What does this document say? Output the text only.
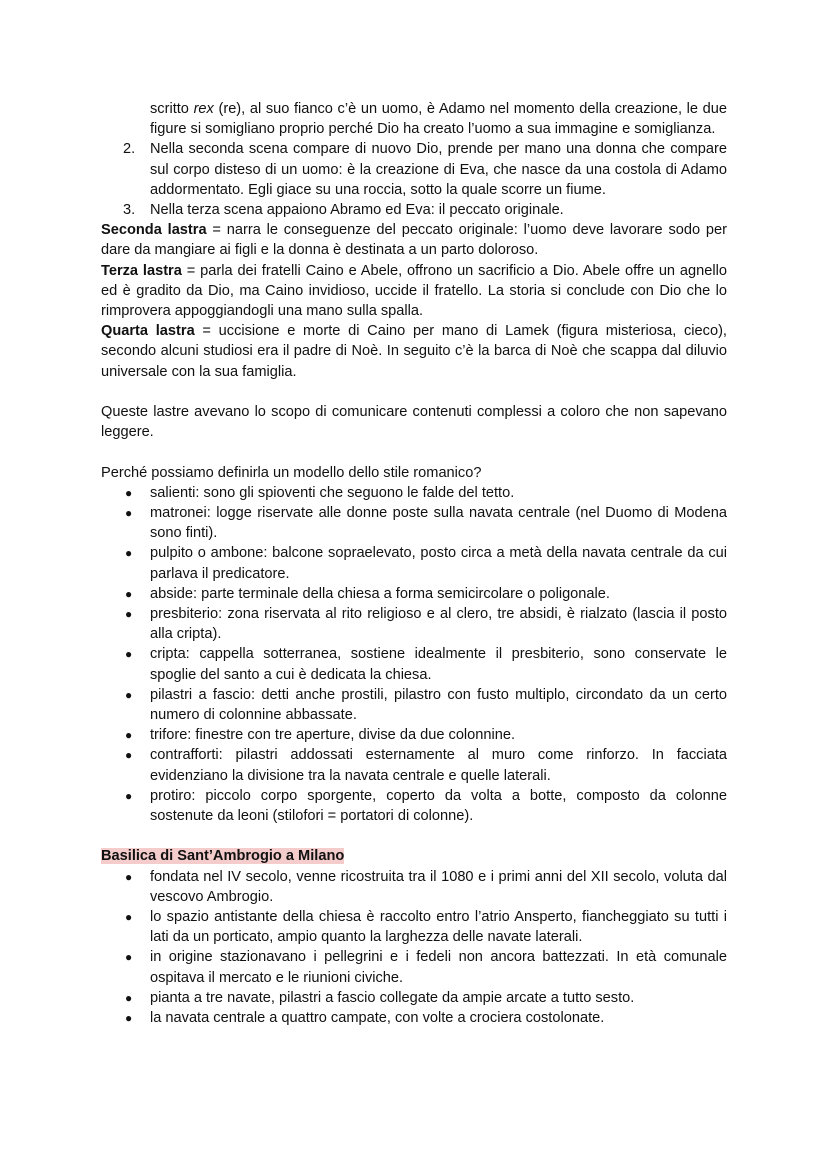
scritto rex (re), al suo fianco c’è un uomo, è Adamo nel momento della creazione, le due figure si somigliano proprio perché Dio ha creato l’uomo a sua immagine e somiglianza.
2. Nella seconda scena compare di nuovo Dio, prende per mano una donna che compare sul corpo disteso di un uomo: è la creazione di Eva, che nasce da una costola di Adamo addormentato. Egli giace su una roccia, sotto la quale scorre un fiume.
3. Nella terza scena appaiono Abramo ed Eva: il peccato originale.

Seconda lastra = narra le conseguenze del peccato originale: l’uomo deve lavorare sodo per dare da mangiare ai figli e la donna è destinata a un parto doloroso.

Terza lastra = parla dei fratelli Caino e Abele, offrono un sacrificio a Dio. Abele offre un agnello ed è gradito da Dio, ma Caino invidioso, uccide il fratello. La storia si conclude con Dio che lo rimprovera appoggiandogli una mano sulla spalla.

Quarta lastra = uccisione e morte di Caino per mano di Lamek (figura misteriosa, cieco), secondo alcuni studiosi era il padre di Noè. In seguito c’è la barca di Noè che scappa dal diluvio universale con la sua famiglia.

Queste lastre avevano lo scopo di comunicare contenuti complessi a coloro che non sapevano leggere.

Perché possiamo definirla un modello dello stile romanico?

● salienti: sono gli spioventi che seguono le falde del tetto.
● matronei: logge riservate alle donne poste sulla navata centrale (nel Duomo di Modena sono finti).
● pulpito o ambone: balcone sopraelevato, posto circa a metà della navata centrale da cui parlava il predicatore.
● abside: parte terminale della chiesa a forma semicircolare o poligonale.
● presbiterio: zona riservata al rito religioso e al clero, tre absidi, è rialzato (lascia il posto alla cripta).
● cripta: cappella sotterranea, sostiene idealmente il presbiterio, sono conservate le spoglie del santo a cui è dedicata la chiesa.
● pilastri a fascio: detti anche prostili, pilastro con fusto multiplo, circondato da un certo numero di colonnine abbassate.
● trifore: finestre con tre aperture, divise da due colonnine.
● contrafforti: pilastri addossati esternamente al muro come rinforzo. In facciata evidenziano la divisione tra la navata centrale e quelle laterali.
● protiro: piccolo corpo sporgente, coperto da volta a botte, composto da colonne sostenute da leoni (stilofori = portatori di colonne).

Basilica di Sant’Ambrogio a Milano

● fondata nel IV secolo, venne ricostruita tra il 1080 e i primi anni del XII secolo, voluta dal vescovo Ambrogio.
● lo spazio antistante della chiesa è raccolto entro l’atrio Ansperto, fiancheggiato su tutti i lati da un porticato, ampio quanto la larghezza delle navate laterali.
● in origine stazionavano i pellegrini e i fedeli non ancora battezzati. In età comunale ospitava il mercato e le riunioni civiche.
● pianta a tre navate, pilastri a fascio collegate da ampie arcate a tutto sesto.
● la navata centrale a quattro campate, con volte a crociera costolonate.
